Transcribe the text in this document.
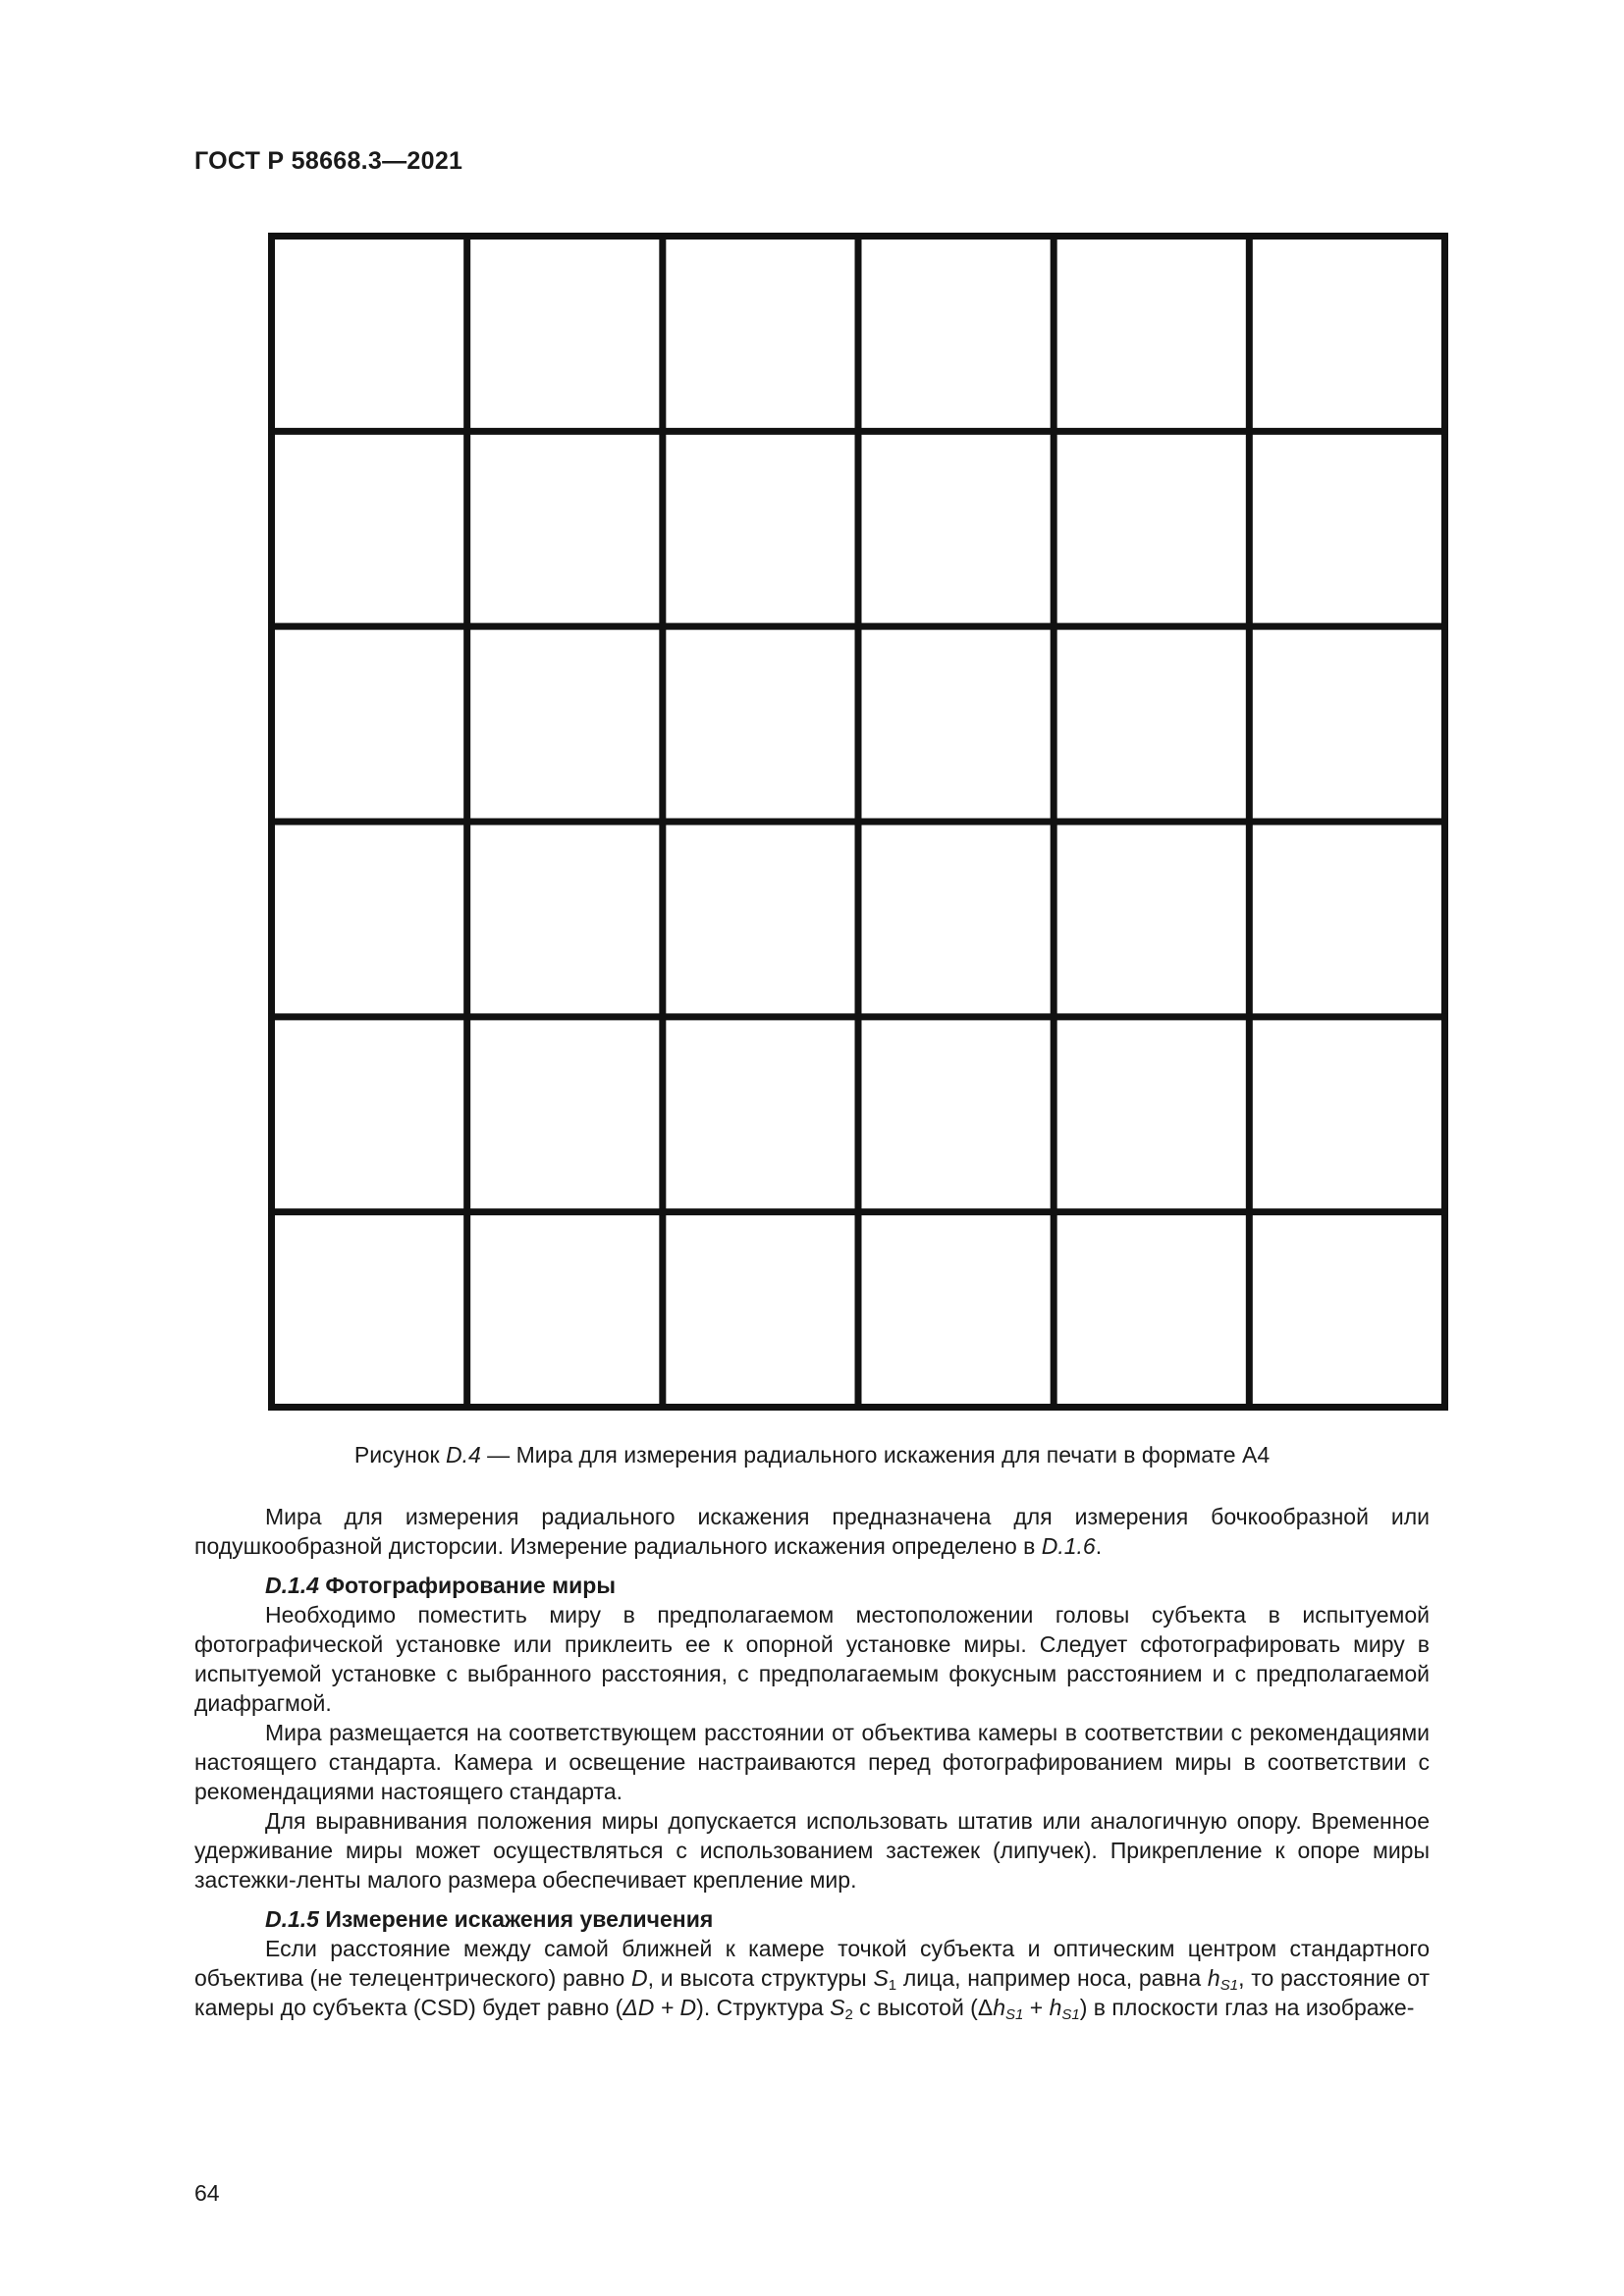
ГОСТ Р 58668.3—2021
Рисунок D.4 — Мира для измерения радиального искажения для печати в формате А4

Мира для измерения радиального искажения предназначена для измерения бочкообразной или подушкообразной дисторсии. Измерение радиального искажения определено в D.1.6.

D.1.4 Фотографирование миры

Необходимо поместить миру в предполагаемом местоположении головы субъекта в испытуемой фотографической установке или приклеить ее к опорной установке миры. Следует сфотографировать миру в испытуемой установке с выбранного расстояния, с предполагаемым фокусным расстоянием и с предполагаемой диафрагмой.

Мира размещается на соответствующем расстоянии от объектива камеры в соответствии с рекомендациями настоящего стандарта. Камера и освещение настраиваются перед фотографированием миры в соответствии с рекомендациями настоящего стандарта.

Для выравнивания положения миры допускается использовать штатив или аналогичную опору. Временное удерживание миры может осуществляться с использованием застежек (липучек). Прикрепление к опоре миры застежки-ленты малого размера обеспечивает крепление мир.

D.1.5 Измерение искажения увеличения

Если расстояние между самой ближней к камере точкой субъекта и оптическим центром стандартного объектива (не телецентрического) равно D, и высота структуры $S_1$ лица, например носа, равна $h_{S1}$, то расстояние от камеры до субъекта (CSD) будет равно (ΔD + D). Структура $S_2$ с высотой $(\Delta h_{S1} + h_{S1})$ в плоскости глаз на изображе-

64
